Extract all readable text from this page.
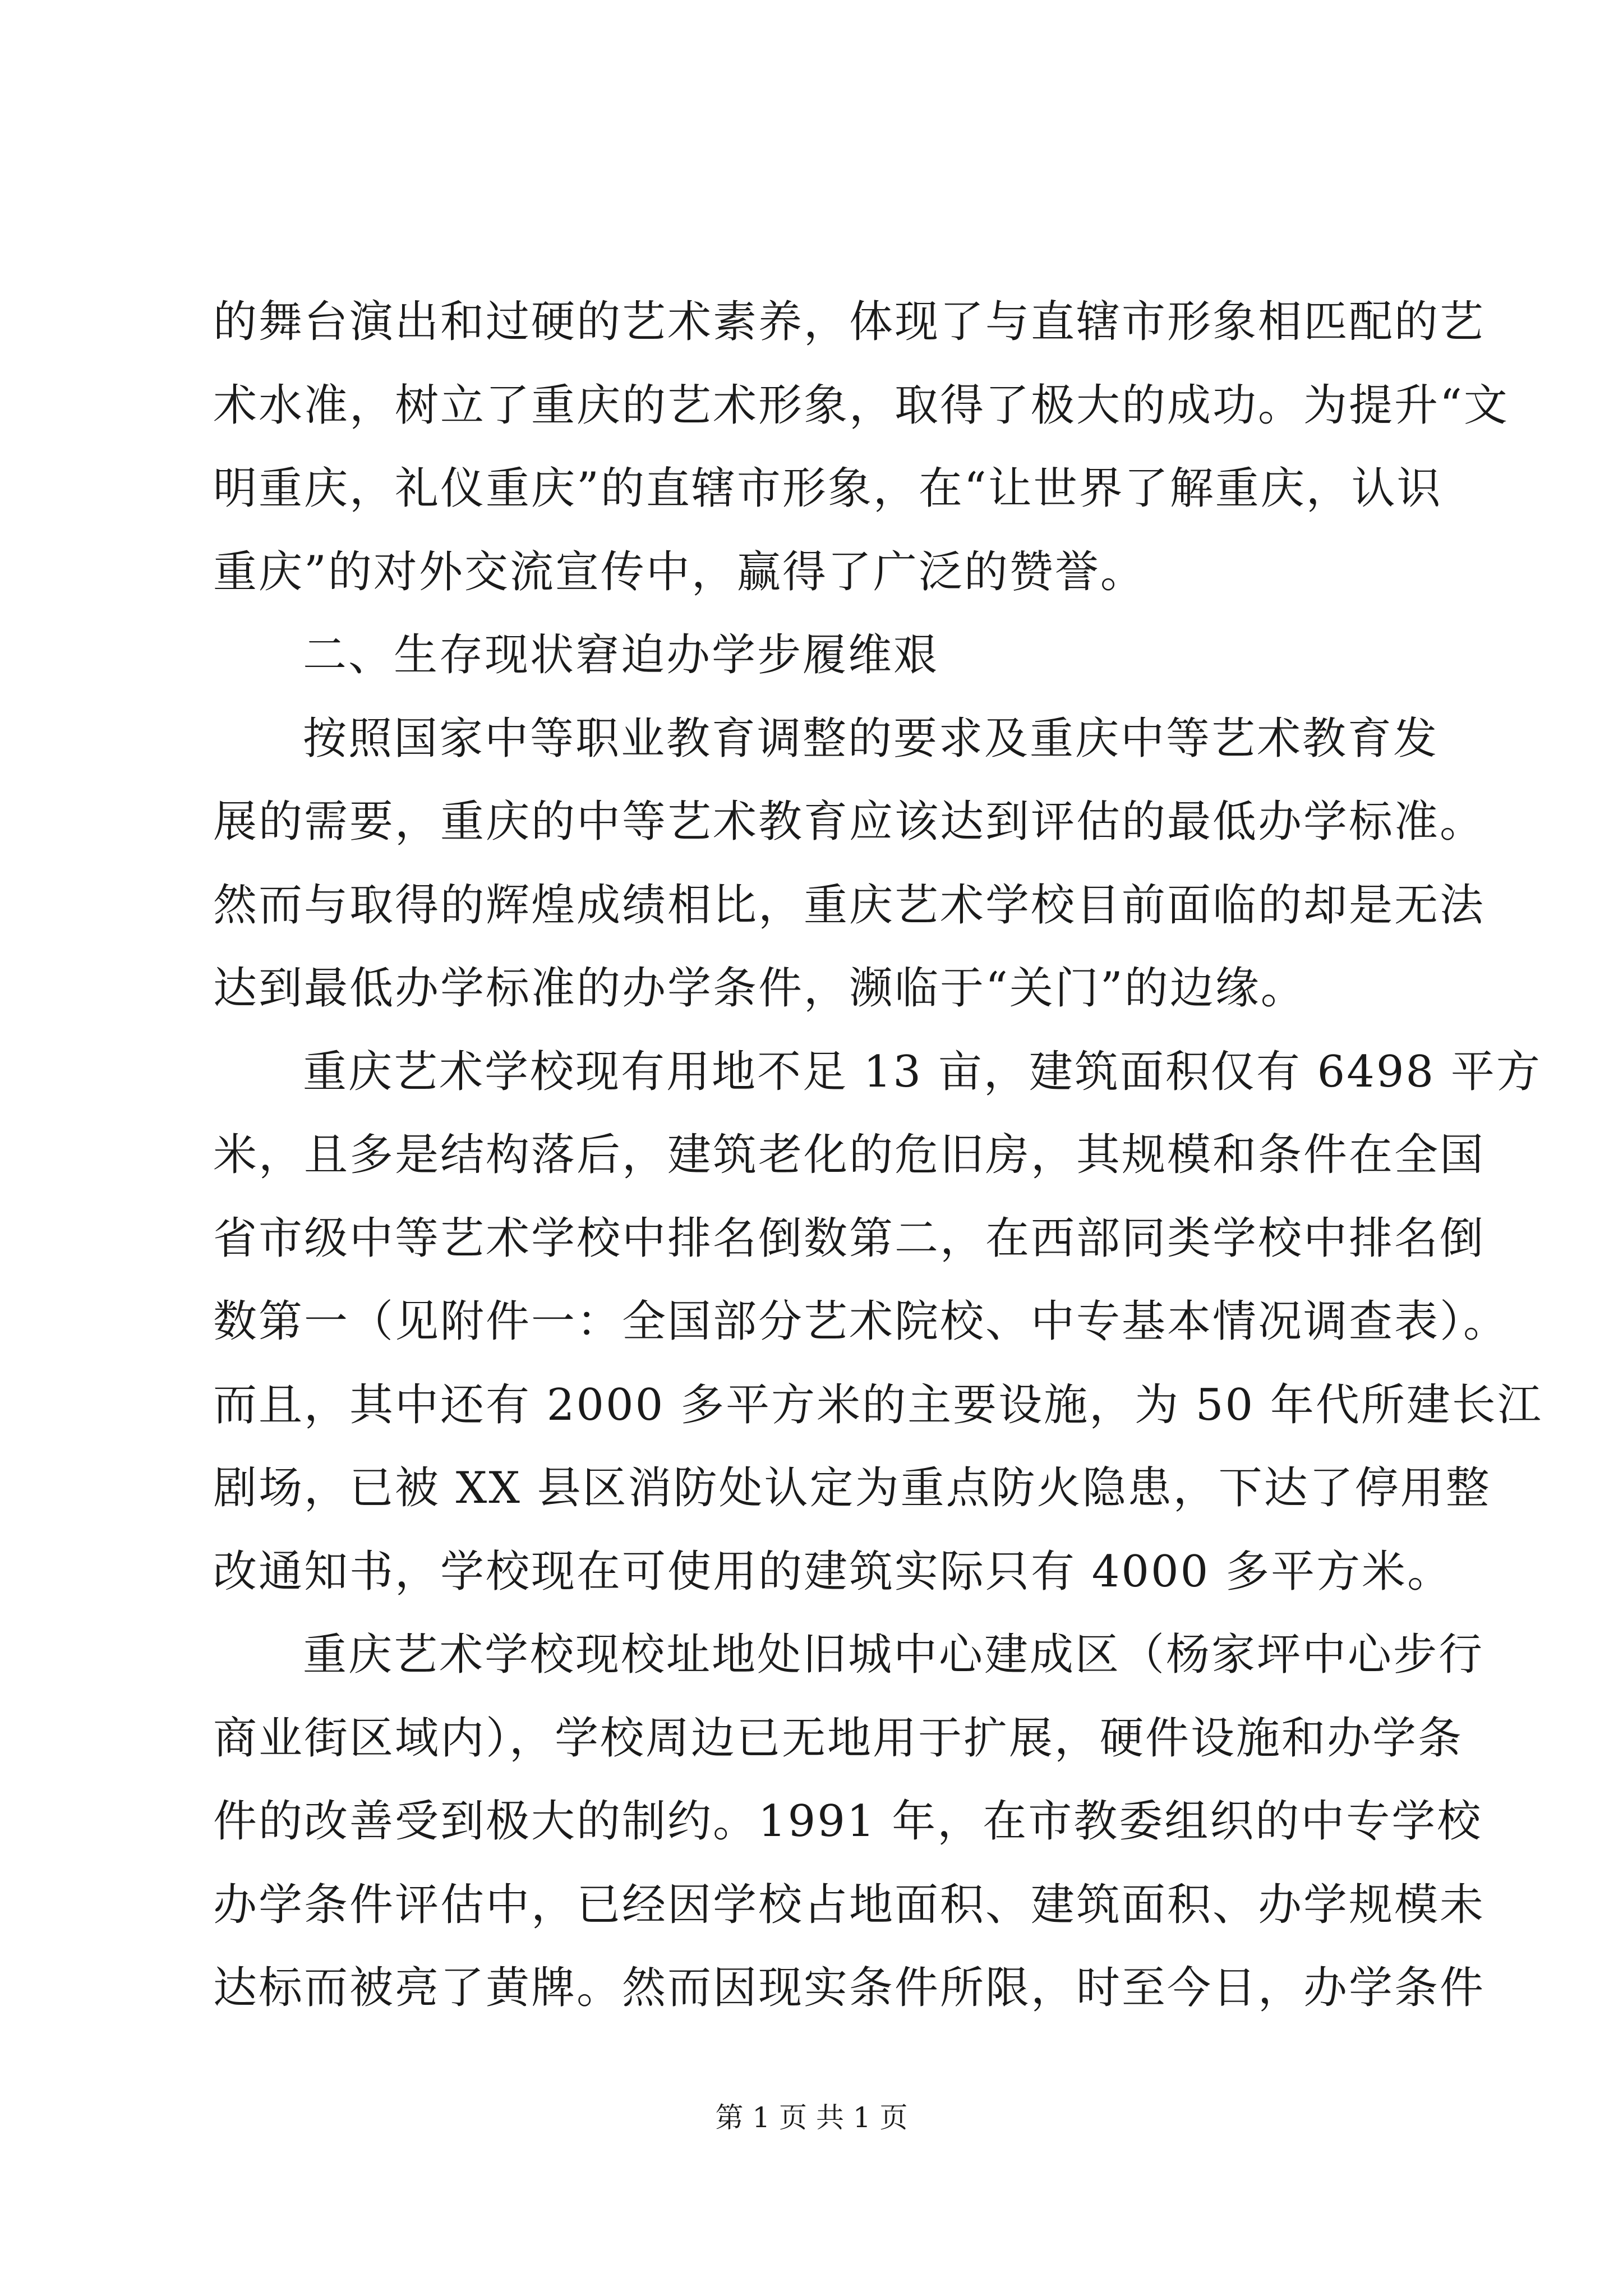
的舞台演出和过硬的艺术素养，体现了与直辖市形象相匹配的艺
术水准，树立了重庆的艺术形象，取得了极大的成功。为提升“文
明重庆，礼仪重庆”的直辖市形象，在“让世界了解重庆，认识
重庆”的对外交流宣传中，赢得了广泛的赞誉。
二、生存现状窘迫办学步履维艰
按照国家中等职业教育调整的要求及重庆中等艺术教育发
展的需要，重庆的中等艺术教育应该达到评估的最低办学标准。
然而与取得的辉煌成绩相比，重庆艺术学校目前面临的却是无法
达到最低办学标准的办学条件，濒临于“关门”的边缘。
重庆艺术学校现有用地不足 13 亩，建筑面积仅有 6498 平方
米，且多是结构落后，建筑老化的危旧房，其规模和条件在全国
省市级中等艺术学校中排名倒数第二，在西部同类学校中排名倒
数第一（见附件一：全国部分艺术院校、中专基本情况调查表）。
而且，其中还有 2000 多平方米的主要设施，为 50 年代所建长江
剧场，已被 XX 县区消防处认定为重点防火隐患，下达了停用整
改通知书，学校现在可使用的建筑实际只有 4000 多平方米。
重庆艺术学校现校址地处旧城中心建成区（杨家坪中心步行
商业街区域内），学校周边已无地用于扩展，硬件设施和办学条
件的改善受到极大的制约。1991 年，在市教委组织的中专学校
办学条件评估中，已经因学校占地面积、建筑面积、办学规模未
达标而被亮了黄牌。然而因现实条件所限，时至今日，办学条件
第 1 页 共 1 页
